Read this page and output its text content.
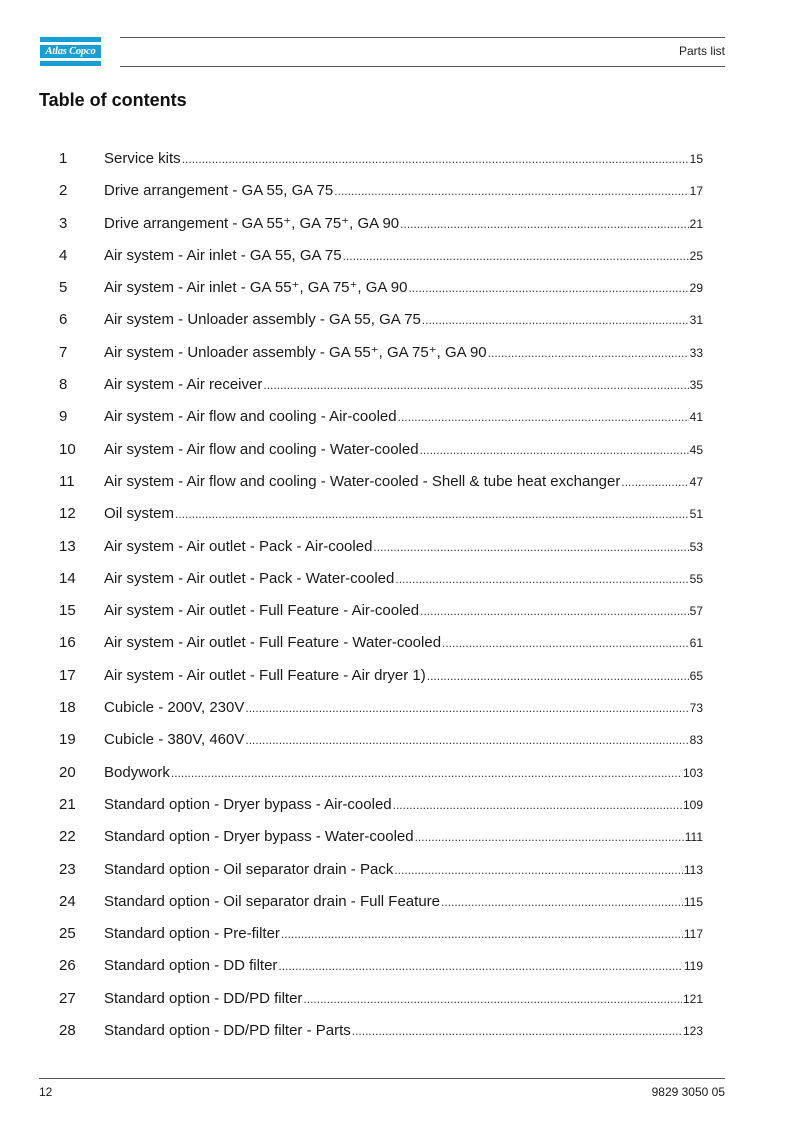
Atlas Copco	Parts list
Table of contents
1	Service kits .....	15
2	Drive arrangement - GA 55, GA 75 .....	17
3	Drive arrangement - GA 55⁺, GA 75⁺, GA 90 .....	21
4	Air system - Air inlet - GA 55, GA 75 .....	25
5	Air system - Air inlet - GA 55⁺, GA 75⁺, GA 90 .....	29
6	Air system - Unloader assembly - GA 55, GA 75 .....	31
7	Air system - Unloader assembly - GA 55⁺, GA 75⁺, GA 90 .....	33
8	Air system - Air receiver .....	35
9	Air system - Air flow and cooling - Air-cooled .....	41
10	Air system - Air flow and cooling - Water-cooled .....	45
11	Air system - Air flow and cooling - Water-cooled - Shell & tube heat exchanger .....	47
12	Oil system .....	51
13	Air system - Air outlet - Pack - Air-cooled .....	53
14	Air system - Air outlet - Pack - Water-cooled .....	55
15	Air system - Air outlet - Full Feature - Air-cooled .....	57
16	Air system - Air outlet - Full Feature - Water-cooled .....	61
17	Air system - Air outlet - Full Feature - Air dryer 1) .....	65
18	Cubicle - 200V, 230V .....	73
19	Cubicle - 380V, 460V .....	83
20	Bodywork .....	103
21	Standard option - Dryer bypass - Air-cooled .....	109
22	Standard option - Dryer bypass - Water-cooled .....	111
23	Standard option - Oil separator drain - Pack .....	113
24	Standard option - Oil separator drain - Full Feature .....	115
25	Standard option - Pre-filter .....	117
26	Standard option - DD filter .....	119
27	Standard option - DD/PD filter .....	121
28	Standard option - DD/PD filter - Parts .....	123
12	9829 3050 05
